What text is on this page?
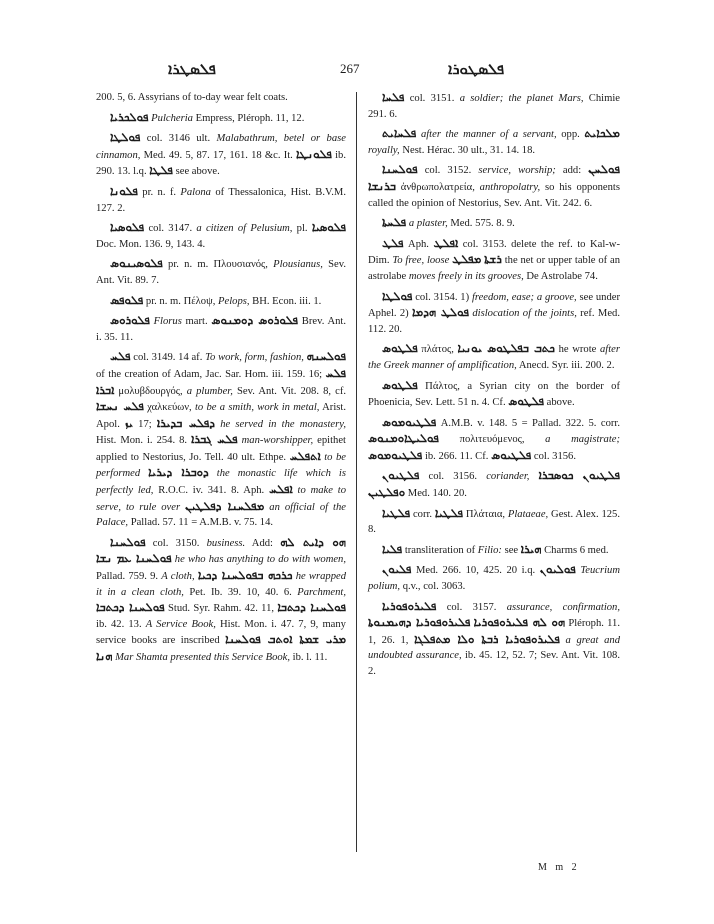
ܦܠܣܛܪܐ	267	ܦܠܣܛܘܪܐ

200. 5, 6. Assyrians of to-day wear felt coats.

ܦܘܠܟܪܝܐ Pulcheria Empress, Pléroph. 11, 12.

ܦܘܠܛܐ col. 3146 ult. Malabathrum, betel or base cinnamon, Med. 49. 5, 87. 17, 161. 18 &c. It. ܦܠܘܢܛܐ ib. 290. 13. l.q. ܦܠܛܐ see above.

ܦܠܘܢܐ pr. n. f. Palona of Thessalonica, Hist. B.V.M. 127. 2.

ܦܠܘܣܝܐ col. 3147. a citizen of Pelusium, pl. ܦܠܘܣܝܐ Doc. Mon. 136. 9, 143. 4.

ܦܠܘܣܝܢܘܣ pr. n. m. Πλουσιανός, Plousianus, Sev. Ant. Vit. 89. 7.

ܦܠܘܦܣ pr. n. m. Πέλοψ, Pelops, BH. Econ. iii. 1.

ܦܠܘܪܘܣ Florus mart. ܦܠܘܪܘܣ ܕܘܡܢܘܣ Brev. Ant. i. 35. 11.

ܦܠܚ col. 3149. 14 af. To work, form, fashion, ܦܘܠܚܢܗ of the creation of Adam, Jac. Sar. Hom. iii. 159. 16; ܦܠܚ ܐܒܪܐ μολυβδουργός, a plumber, Sev. Ant. Vit. 208. 8, cf. ܦܠܚ ܢܚܫܐ χαλκεύων, to be a smith, work in metal, Arist. Apol. ܝܙ 17; ܕܦܠܚ ܒܕܝܪܐ he served in the monastery, Hist. Mon. i. 254. 8. ܦܠܚ ܓܒܪܐ man-worshipper, epithet applied to Nestorius, Jo. Tell. 40 ult. Ethpe. ܐܬܦܠܚ to be performed ܕܘܒܪܐ ܕܝܪܝܐ the monastic life which is perfectly led, R.O.C. iv. 341. 8. Aph. ܐܦܠܚ to make to serve, to rule over ܡܦܠܚܢܐ ܕܦܠܛܝܢ an official of the Palace, Pallad. 57. 11 = A.M.B. v. 75. 14.

ܦܘܠܚܢܐ col. 3150. business. Add: ܗܘ ܕܐܝܬ ܠܗ ܦܘܠܚܢܐ ܥܡ ܢܫܐ he who has anything to do with women, Pallad. 759. 9. A cloth, ܟܪܟܗ ܒܦܘܠܚܢܐ ܕܟܝܐ he wrapped it in a clean cloth, Pet. Ib. 39. 10, 40. 6. Parchment, ܦܘܠܚܢܐ ܕܟܬܒܐ Stud. Syr. Rahm. 42. 11, ܦܘܠܚܢܐ ܕܟܬܒܐ ib. 42. 13. A Service Book, Hist. Mon. i. 47. 7, 9, many service books are inscribed ܡܪܝ ܫܡܬܐ ܐܘܬܒ ܦܘܠܚܢܐ ܗܢܐ Mar Shamta presented this Service Book, ib. l. 11.

ܦܠܚܐ col. 3151. a soldier; the planet Mars, Chimie 291. 6.

ܦܠܚܐܝܬ after the manner of a servant, opp. ܡܠܟܐܝܬ royally, Nest. Hérac. 30 ult., 31. 14. 18.

ܦܘܠܚܢܐ col. 3152. service, worship; add: ܦܘܠܚܢ ܒܪܢܫܐ ἀνθρωπολατρεία, anthropolatry, so his opponents called the opinion of Nestorius, Sev. Ant. Vit. 242. 6.

ܦܠܚܬܐ a plaster, Med. 575. 8. 9.

ܦܠܛ Aph. ܐܦܠܛ col. 3153. delete the ref. to Kal-w-Dim. To free, loose ܡܦܠܛ ܪܫܬܐ the net or upper table of an astrolabe moves freely in its grooves, De Astrolabe 74.

ܦܘܠܛܐ col. 3154. 1) freedom, ease; a groove, see under Aphel. 2) ܦܘܠܛ ܗܕܡܐ dislocation of the joints, ref. Med. 112. 20.

ܦܠܛܘܣ πλάτος, ܟܬܒ ܒܦܠܛܘܣ ܝܘܢܝܐ he wrote after the Greek manner of amplification, Anecd. Syr. iii. 200. 2.

ܦܠܛܘܣ Πάλτος, a Syrian city on the border of Phoenicia, Sev. Lett. 51 n. 4. Cf. ܦܠܛܘܣ above.

ܦܠܛܝܘܡܘܣ A.M.B. v. 148. 5 = Pallad. 322. 5. corr. ܦܘܠܝܛܐܘܡܢܘܣ πολιτευόμενος, a magistrate; ܦܠܛܝܘܡܘܣ ib. 266. 11. Cf. ܦܠܛܝܘܣ col. 3156.

ܦܠܛܝܘܢ col. 3156. coriander, ܟܘܣܒܪܐ ܦܠܛܝܘܢ ܘܦܠܛܝܢ Med. 140. 20.

ܦܠܛܝܐ corr. ܦܠܛܝܐ Πλάταια, Plataeae, Gest. Alex. 125. 8.

ܦܠܝܐ transliteration of Filio: see ܗܝܪܐ Charms 6 med.

ܦܠܝܘܢ Med. 266. 10, 425. 20 i.q. ܦܘܠܝܘܢ Teucrium polium, q.v., col. 3063.

ܦܠܝܪܘܦܘܪܝܐ col. 3157. assurance, confirmation, ܦܠܝܪܘܦܘܪܝܐ ܕܗܝܡܢܘܬܐ ܗܘ ܠܗ ܦܠܝܪܘܦܘܪܝܐ Pléroph. 11. 1, 26. 1, ܦܠܝܪܘܦܘܪܝܐ ܪܒܬܐ ܘܠܐ ܡܬܦܠܓܐ a great and undoubted assurance, ib. 45. 12, 52. 7; Sev. Ant. Vit. 108. 2.

M m 2
